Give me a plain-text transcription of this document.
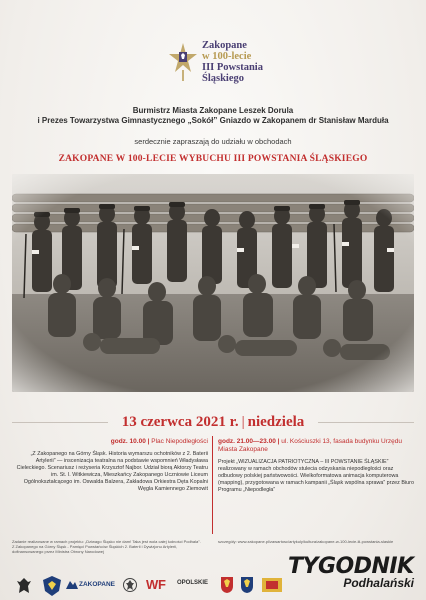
Zakopane
w 100-lecie
III Powstania
Śląskiego
Burmistrz Miasta Zakopane Leszek Dorula
i Prezes Towarzystwa Gimnastycznego „Sokół” Gniazdo w Zakopanem dr Stanisław Marduła
serdecznie zapraszają do udziału w obchodach
ZAKOPANE W 100-LECIE WYBUCHU III POWSTANIA ŚLĄSKIEGO
13 czerwca 2021 r. | niedziela
godz. 10.00 | Plac Niepodległości
„Z Zakopanego na Górny Śląsk. Historia wymarszu ochotników z 2. Baterii Artylerii” — inscenizacja teatralna na podstawie wspomnień Władysława Cieleckiego. Scenariusz i reżyseria Krzysztof Najbor. Udział biorą Aktorzy Teatru im. St. I. Witkiewicza, Mieszkańcy Zakopanego Uczniowie Liceum Ogólnokształcącego im. Oswalda Balzera, Zakładowa Orkiestra Dęta Kopalni Węgla Kamiennego Ziemowit
godz. 21.00—23.00 | ul. Kościuszki 13, fasada budynku Urzędu Miasta Zakopane
Projekt „WIZUALIZACJA PATRIOTYCZNA – III POWSTANIE ŚLĄSKIE” realizowany w ramach obchodów stulecia odzyskania niepodległości oraz odbudowy polskiej państwowości. Wielkoformatowa animacja komputerowa (mapping), przygotowana w ramach kampanii „Śląsk wspólna sprawa” przez Biuro Programu „Niepodległa”
Zadanie realizowane w ramach projektu: „Dziwago Śląsko nie dam! Taka jest wola całej ludności Podhala”. Z Zakopanego na Górny Śląsk - Pamięci Powstańców Śląskich 2. Baterii i Dywizjonu Artylerii, dofinansowanego przez Ministra Obrony Narodowej
szczegóły: www.zakopane.pl/zawartosc/artykuly/kultura/zakopane-w-100-lecie-iii-powstania-slaskie
ZAKOPANE W F OPOLSKIE
TYGODNIK
Podhalański
